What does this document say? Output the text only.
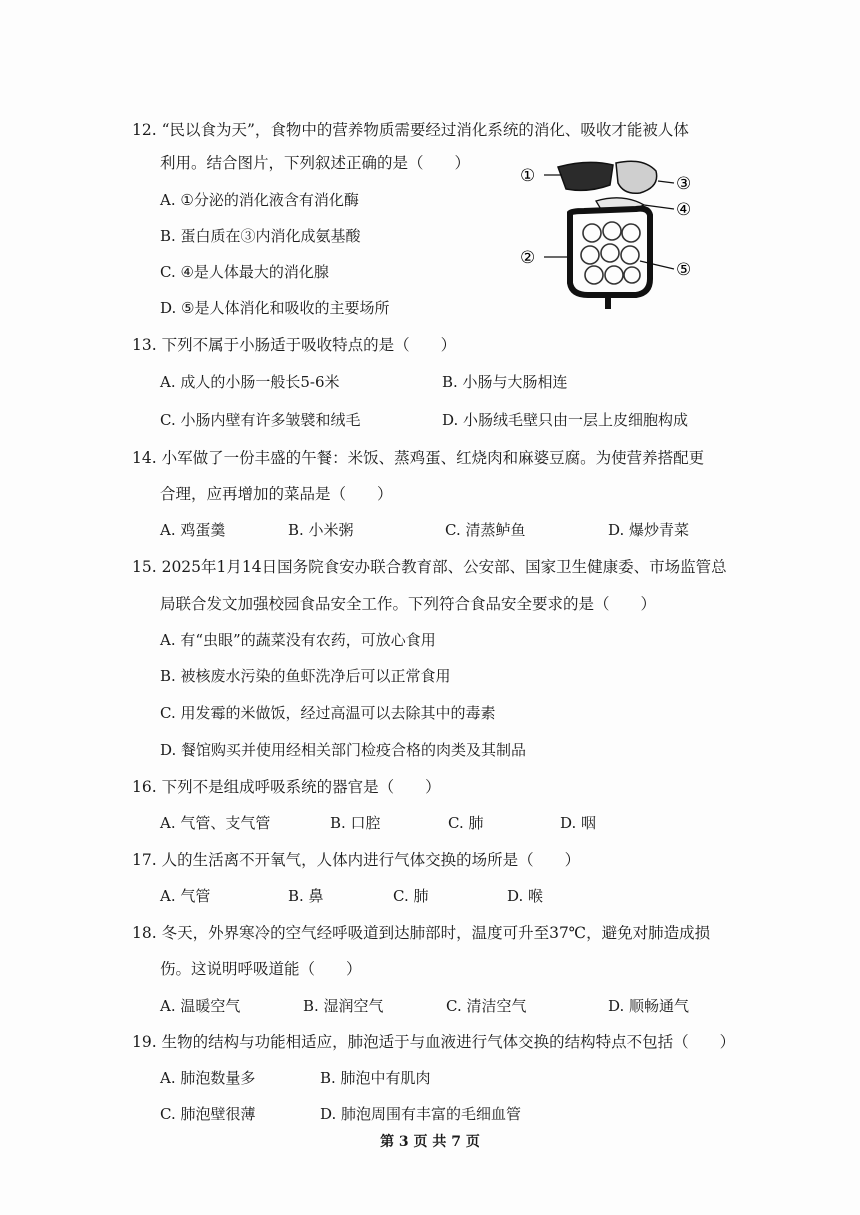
12. “民以食为天”，食物中的营养物质需要经过消化系统的消化、吸收才能被人体
利用。结合图片，下列叙述正确的是（　　）
A. ①分泌的消化液含有消化酶
B. 蛋白质在③内消化成氨基酸
C. ④是人体最大的消化腺
D. ⑤是人体消化和吸收的主要场所
①
②
③
④
⑤
13. 下列不属于小肠适于吸收特点的是（　　）
A. 成人的小肠一般长5-6米	B. 小肠与大肠相连
C. 小肠内壁有许多皱襞和绒毛	D. 小肠绒毛壁只由一层上皮细胞构成
14. 小军做了一份丰盛的午餐：米饭、蒸鸡蛋、红烧肉和麻婆豆腐。为使营养搭配更
合理，应再增加的菜品是（　　）
A. 鸡蛋羹	B. 小米粥	C. 清蒸鲈鱼	D. 爆炒青菜
15. 2025年1月14日国务院食安办联合教育部、公安部、国家卫生健康委、市场监管总
局联合发文加强校园食品安全工作。下列符合食品安全要求的是（　　）
A. 有“虫眼”的蔬菜没有农药，可放心食用
B. 被核废水污染的鱼虾洗净后可以正常食用
C. 用发霉的米做饭，经过高温可以去除其中的毒素
D. 餐馆购买并使用经相关部门检疫合格的肉类及其制品
16. 下列不是组成呼吸系统的器官是（　　）
A. 气管、支气管	B. 口腔	C. 肺	D. 咽
17. 人的生活离不开氧气，人体内进行气体交换的场所是（　　）
A. 气管	B. 鼻	C. 肺	D. 喉
18. 冬天，外界寒冷的空气经呼吸道到达肺部时，温度可升至37℃，避免对肺造成损
伤。这说明呼吸道能（　　）
A. 温暖空气	B. 湿润空气	C. 清洁空气	D. 顺畅通气
19. 生物的结构与功能相适应，肺泡适于与血液进行气体交换的结构特点不包括（　　）
A. 肺泡数量多	B. 肺泡中有肌肉
C. 肺泡壁很薄	D. 肺泡周围有丰富的毛细血管
第 3 页 共 7 页
